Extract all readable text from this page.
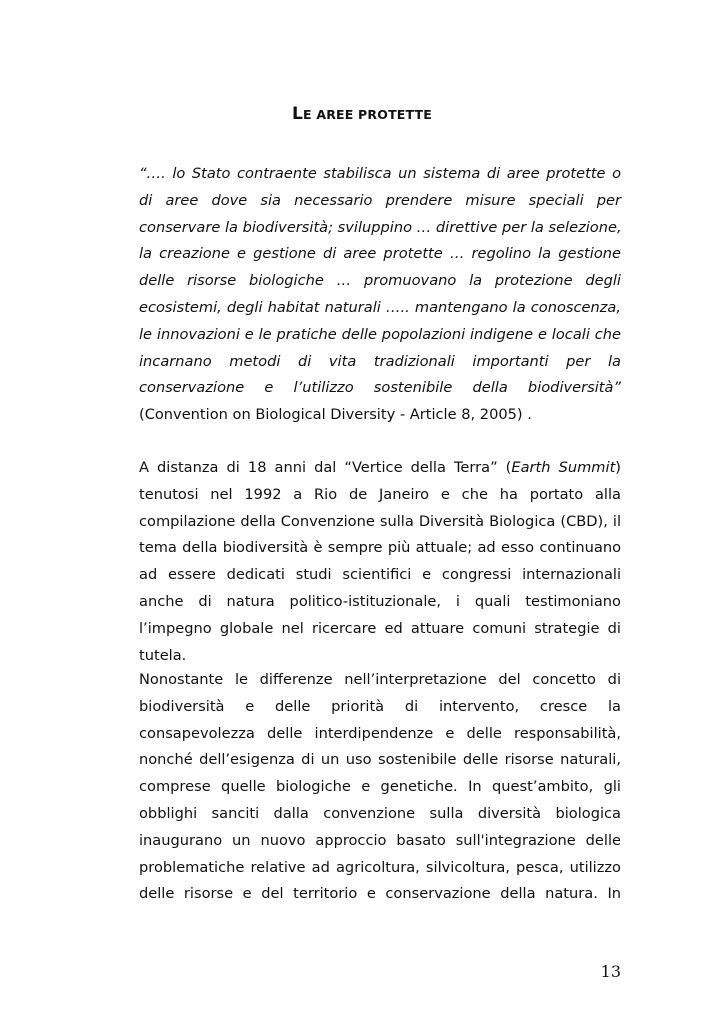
LE AREE PROTETTE
“…. lo Stato contraente stabilisca un sistema di aree protette o
di aree dove sia necessario prendere misure speciali per
conservare la biodiversità; sviluppino … direttive per la selezione,
la creazione e gestione di aree protette … regolino la gestione
delle risorse biologiche … promuovano la protezione degli
ecosistemi, degli habitat naturali ….. mantengano la conoscenza,
le innovazioni e le pratiche delle popolazioni indigene e locali che
incarnano metodi di vita tradizionali importanti per la
conservazione e l’utilizzo sostenibile della biodiversità”
(Convention on Biological Diversity - Article 8, 2005) .
A distanza di 18 anni dal “Vertice della Terra” (Earth Summit)
tenutosi nel 1992 a Rio de Janeiro e che ha portato alla
compilazione della Convenzione sulla Diversità Biologica (CBD), il
tema della biodiversità è sempre più attuale; ad esso continuano
ad essere dedicati studi scientifici e congressi internazionali
anche di natura politico-istituzionale, i quali testimoniano
l’impegno globale nel ricercare ed attuare comuni strategie di
tutela.
Nonostante le differenze nell’interpretazione del concetto di
biodiversità e delle priorità di intervento, cresce la
consapevolezza delle interdipendenze e delle responsabilità,
nonché dell’esigenza di un uso sostenibile delle risorse naturali,
comprese quelle biologiche e genetiche. In quest’ambito, gli
obblighi sanciti dalla convenzione sulla diversità biologica
inaugurano un nuovo approccio basato sull'integrazione delle
problematiche relative ad agricoltura, silvicoltura, pesca, utilizzo
delle risorse e del territorio e conservazione della natura. In
13
